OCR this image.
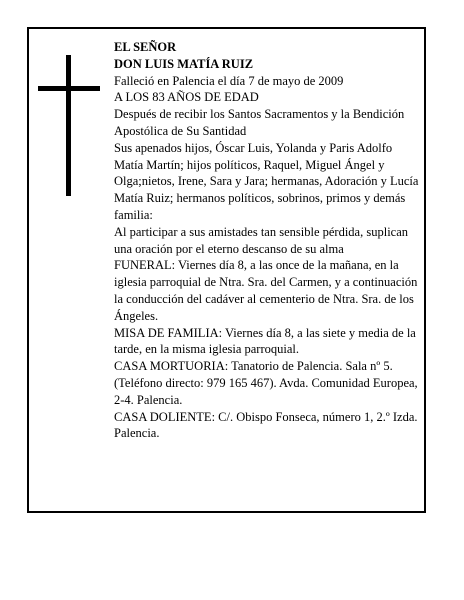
EL SEÑOR

DON LUIS MATÍA RUIZ

Falleció en Palencia el día 7 de mayo de 2009

A LOS 83 AÑOS DE EDAD

Después de recibir los Santos Sacramentos y la Bendición Apostólica de Su Santidad

Sus apenados hijos, Óscar Luis, Yolanda y Paris Adolfo Matía Martín; hijos políticos, Raquel, Miguel Ángel y Olga;nietos, Irene, Sara y Jara; hermanas, Adoración y Lucía Matía Ruiz; hermanos políticos, sobrinos, primos y demás familia:

Al participar a sus amistades tan sensible pérdida, suplican una oración por el eterno descanso de su alma

FUNERAL: Viernes día 8, a las once de la mañana, en la iglesia parroquial de Ntra. Sra. del Carmen, y a continuación la conducción del cadáver al cementerio de Ntra. Sra. de los Ángeles.

MISA DE FAMILIA: Viernes día 8, a las siete y media de la tarde, en la misma iglesia parroquial.

CASA MORTUORIA: Tanatorio de Palencia. Sala nº 5. (Teléfono directo: 979 165 467). Avda. Comunidad Europea, 2-4. Palencia.

CASA DOLIENTE: C/. Obispo Fonseca, número 1, 2.º Izda. Palencia.
